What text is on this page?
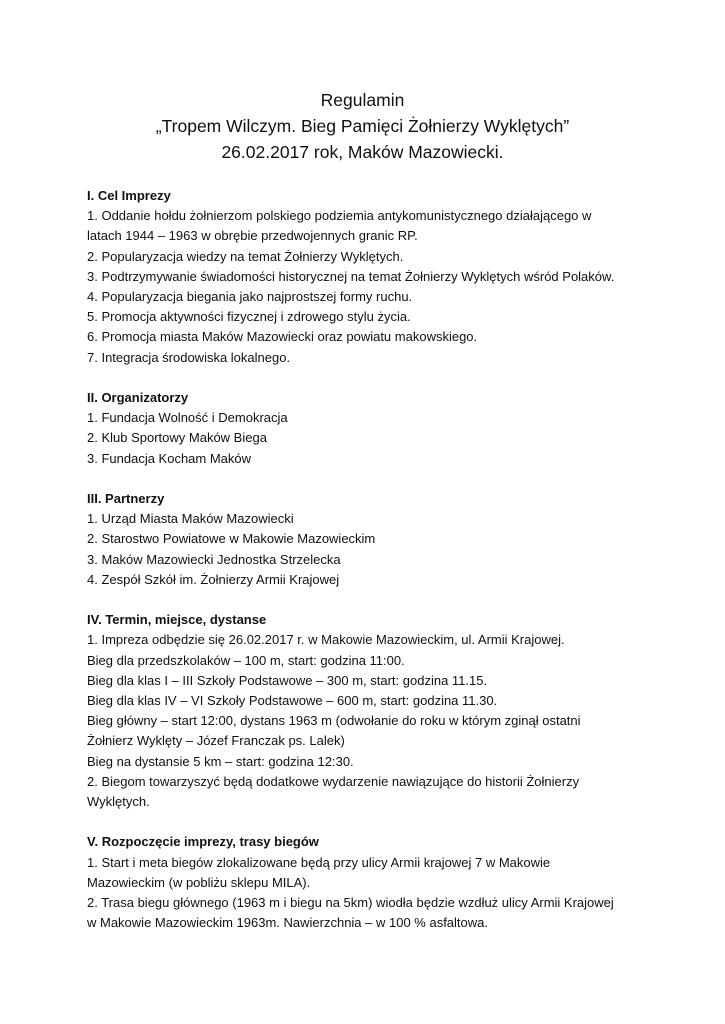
Regulamin
„Tropem Wilczym. Bieg Pamięci Żołnierzy Wyklętych”
26.02.2017 rok, Maków Mazowiecki.
I. Cel Imprezy
1. Oddanie hołdu żołnierzom polskiego podziemia antykomunistycznego działającego w
latach 1944 – 1963 w obrębie przedwojennych granic RP.
2. Popularyzacja wiedzy na temat Żołnierzy Wyklętych.
3. Podtrzymywanie świadomości historycznej na temat Żołnierzy Wyklętych wśród Polaków.
4. Popularyzacja biegania jako najprostszej formy ruchu.
5. Promocja aktywności fizycznej i zdrowego stylu życia.
6. Promocja miasta Maków Mazowiecki oraz powiatu makowskiego.
7. Integracja środowiska lokalnego.
II. Organizatorzy
1. Fundacja Wolność i Demokracja
2. Klub Sportowy Maków Biega
3. Fundacja Kocham Maków
III. Partnerzy
1. Urząd Miasta Maków Mazowiecki
2. Starostwo Powiatowe w Makowie Mazowieckim
3. Maków Mazowiecki Jednostka Strzelecka
4. Zespół Szkół im. Żołnierzy Armii Krajowej
IV. Termin, miejsce, dystanse
1. Impreza odbędzie się 26.02.2017 r. w Makowie Mazowieckim, ul. Armii Krajowej.
Bieg dla przedszkolaków – 100 m, start: godzina 11:00.
Bieg dla klas I – III Szkoły Podstawowe – 300 m, start: godzina 11.15.
Bieg dla klas IV – VI Szkoły Podstawowe – 600 m, start: godzina 11.30.
Bieg główny – start 12:00, dystans 1963 m (odwołanie do roku w którym zginął ostatni
Żołnierz Wyklęty – Józef Franczak ps. Lalek)
Bieg na dystansie 5 km – start: godzina 12:30.
2. Biegom towarzyszyć będą dodatkowe wydarzenie nawiązujące do historii Żołnierzy
Wyklętych.
V. Rozpoczęcie imprezy, trasy biegów
1. Start i meta biegów zlokalizowane będą przy ulicy Armii krajowej 7 w Makowie
Mazowieckim (w pobliżu sklepu MILA).
2. Trasa biegu głównego (1963 m i biegu na 5km) wiodła będzie wzdłuż ulicy Armii Krajowej
w Makowie Mazowieckim 1963m. Nawierzchnia – w 100 % asfaltowa.
